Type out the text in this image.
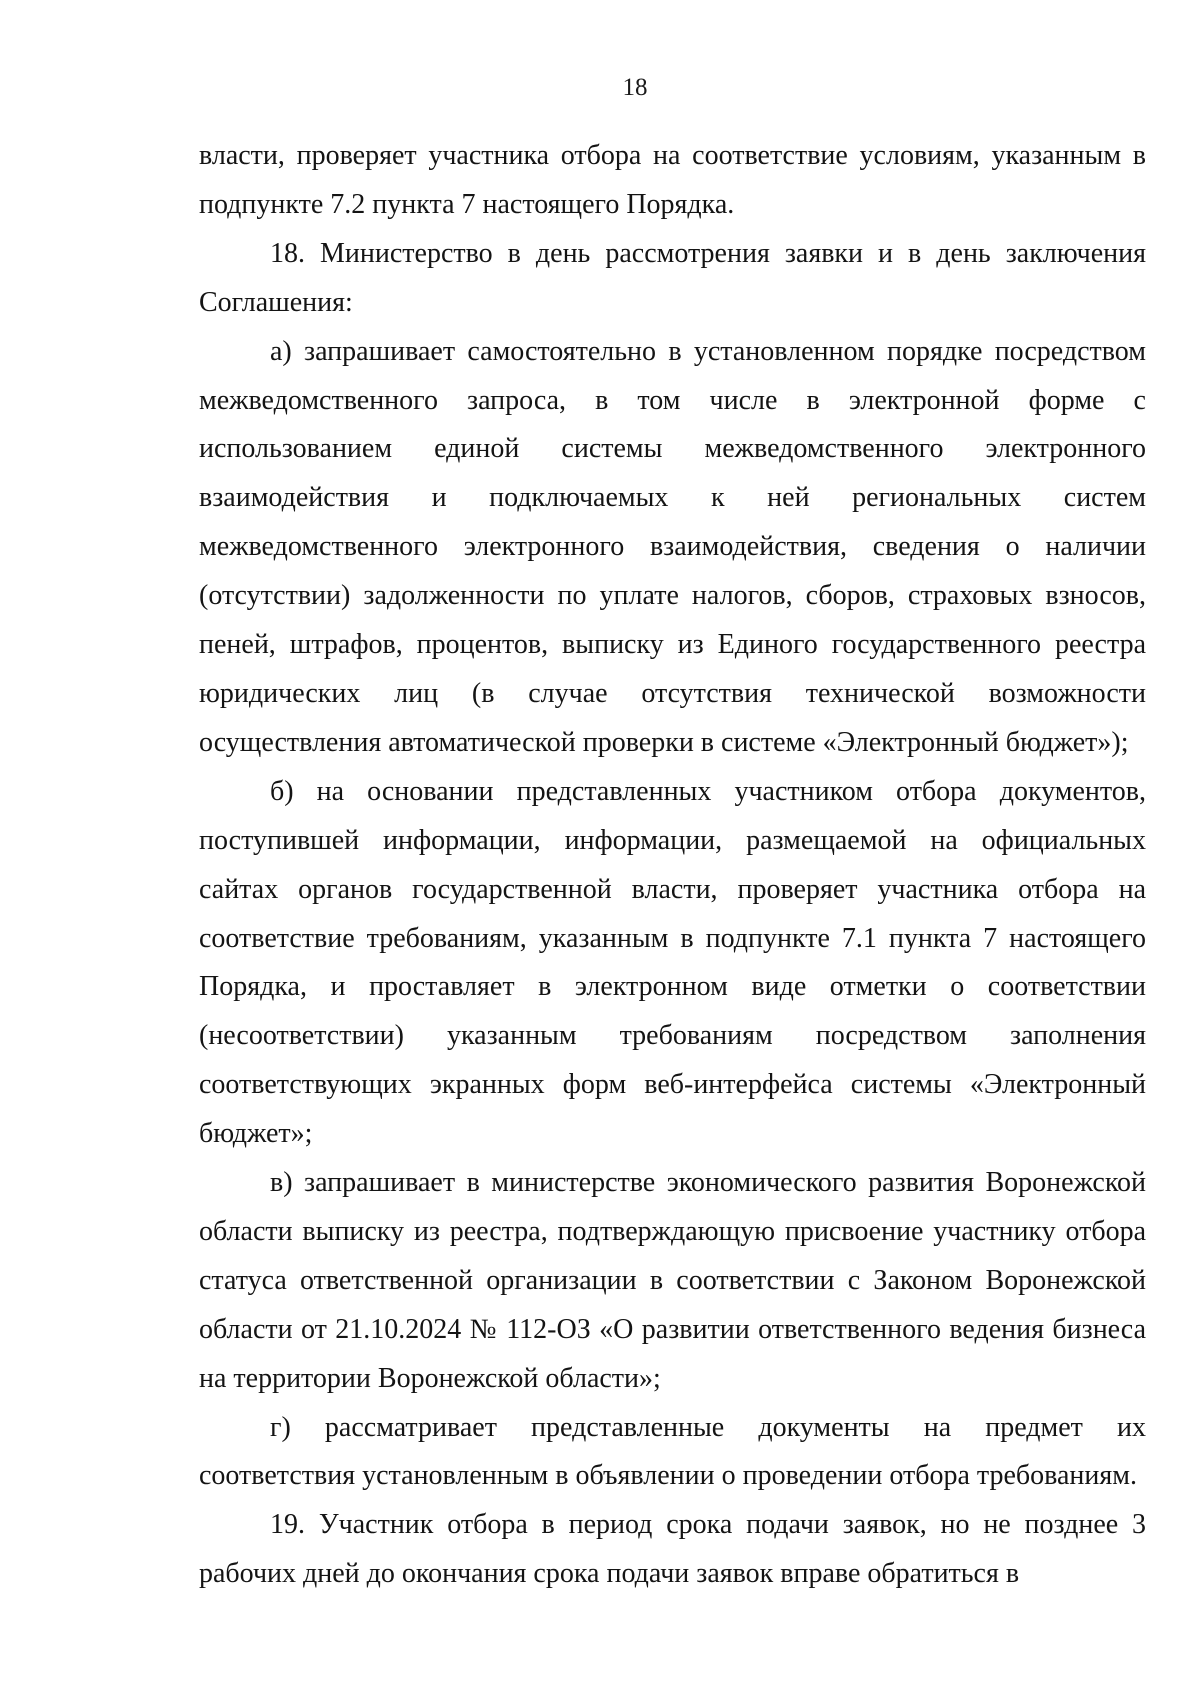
18

власти, проверяет участника отбора на соответствие условиям, указанным в подпункте 7.2 пункта 7 настоящего Порядка.

18. Министерство в день рассмотрения заявки и в день заключения Соглашения:

а) запрашивает самостоятельно в установленном порядке посредством межведомственного запроса, в том числе в электронной форме с использованием единой системы межведомственного электронного взаимодействия и подключаемых к ней региональных систем межведомственного электронного взаимодействия, сведения о наличии (отсутствии) задолженности по уплате налогов, сборов, страховых взносов, пеней, штрафов, процентов, выписку из Единого государственного реестра юридических лиц (в случае отсутствия технической возможности осуществления автоматической проверки в системе «Электронный бюджет»);

б) на основании представленных участником отбора документов, поступившей информации, информации, размещаемой на официальных сайтах органов государственной власти, проверяет участника отбора на соответствие требованиям, указанным в подпункте 7.1 пункта 7 настоящего Порядка, и проставляет в электронном виде отметки о соответствии (несоответствии) указанным требованиям посредством заполнения соответствующих экранных форм веб-интерфейса системы «Электронный бюджет»;

в) запрашивает в министерстве экономического развития Воронежской области выписку из реестра, подтверждающую присвоение участнику отбора статуса ответственной организации в соответствии с Законом Воронежской области от 21.10.2024 № 112-ОЗ «О развитии ответственного ведения бизнеса на территории Воронежской области»;

г) рассматривает представленные документы на предмет их соответствия установленным в объявлении о проведении отбора требованиям.

19. Участник отбора в период срока подачи заявок, но не позднее 3 рабочих дней до окончания срока подачи заявок вправе обратиться в
